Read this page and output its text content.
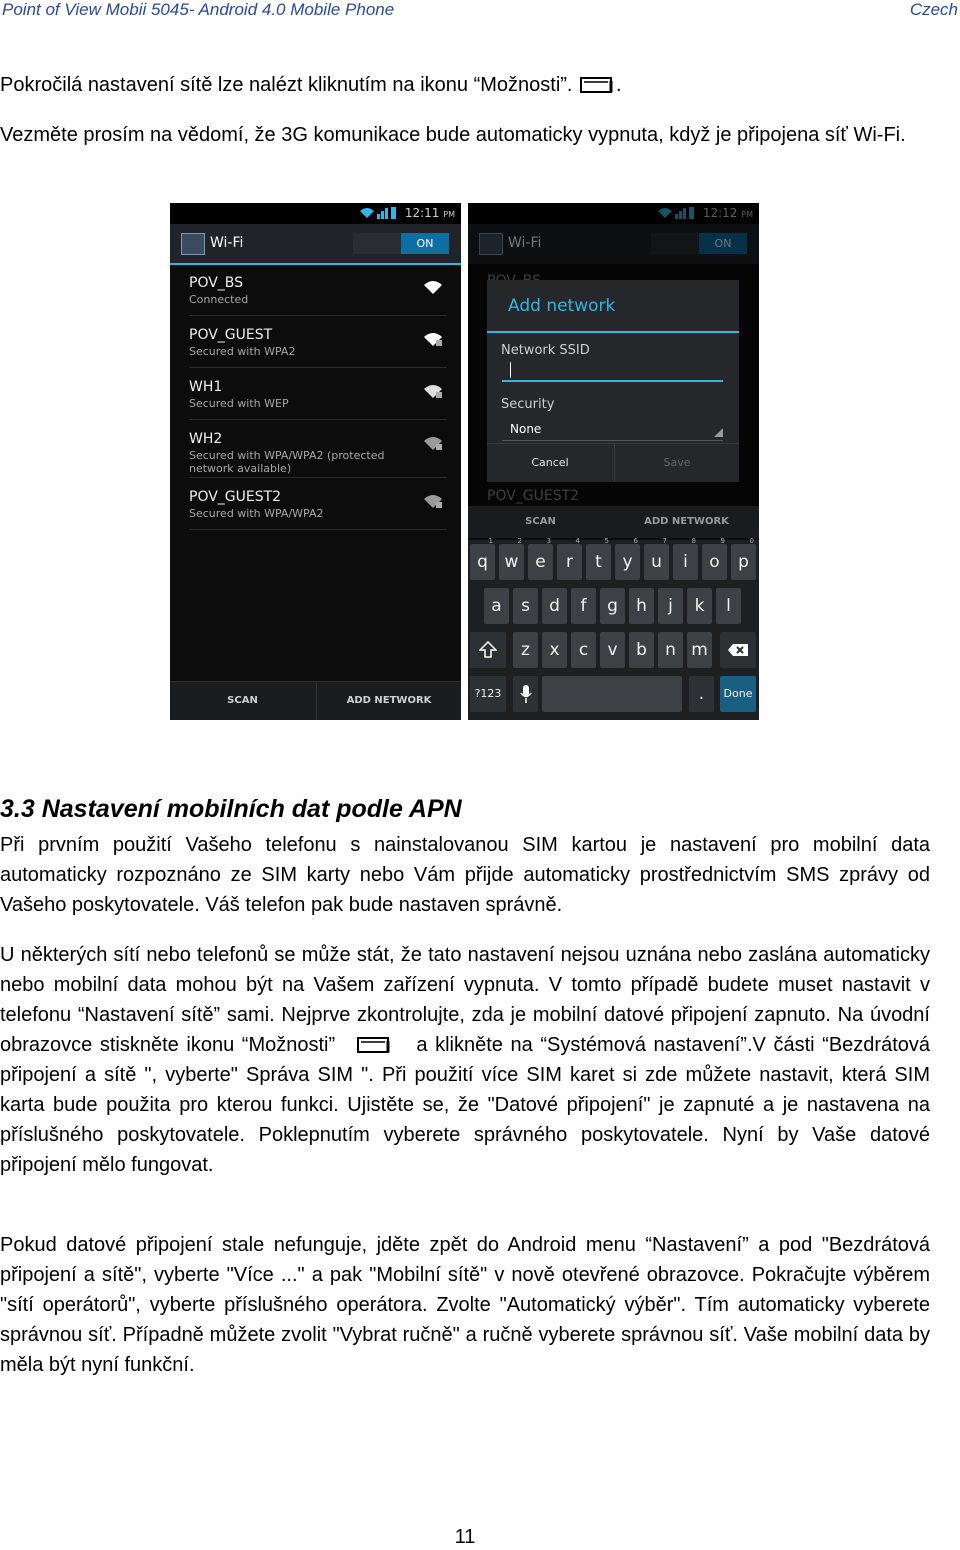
Point of View Mobii 5045- Android 4.0 Mobile Phone	Czech
Pokročilá nastavení sítě lze nalézt kliknutím na ikonu “Možnosti”. .
Vezměte prosím na vědomí, že 3G komunikace bude automaticky vypnuta, když je připojena síť Wi-Fi.
12:11 PM
Wi-Fi	ON
POV_BS
Connected
POV_GUEST
Secured with WPA2
WH1
Secured with WEP
WH2
Secured with WPA/WPA2 (protected network available)
POV_GUEST2
Secured with WPA/WPA2
SCAN	ADD NETWORK
Add network
Network SSID
Security
None
Cancel	Save
SCAN	ADD NETWORK
q
1
w
2
e
3
r
4
t
5
y
6
u
7
i
8
o
9
p
0
a	s	d	f	g	h	j	k	l
z	x	c	v	b	n m
?123	.	Done
3.3 Nastavení mobilních dat podle APN
Při prvním použití Vašeho telefonu s nainstalovanou SIM kartou je nastavení pro mobilní data automaticky rozpoznáno ze SIM karty nebo Vám přijde automaticky prostřednictvím SMS zprávy od Vašeho poskytovatele. Váš telefon pak bude nastaven správně.
U některých sítí nebo telefonů se může stát, že tato nastavení nejsou uznána nebo zaslána automaticky nebo mobilní data mohou být na Vašem zařízení vypnuta. V tomto případě budete muset nastavit v telefonu “Nastavení sítě” sami. Nejprve zkontrolujte, zda je mobilní datové připojení zapnuto. Na úvodní obrazovce stiskněte ikonu “Možnosti”	a klikněte na “Systémová nastavení”.V části “Bezdrátová připojení a sítě ", vyberte" Správa SIM ". Při použití více SIM karet si zde můžete nastavit, která SIM karta bude použita pro kterou funkci. Ujistěte se, že "Datové připojení" je zapnuté a je nastavena na příslušného poskytovatele. Poklepnutím vyberete správného poskytovatele. Nyní by Vaše datové připojení mělo fungovat.
Pokud datové připojení stale nefunguje, jděte zpět do Android menu “Nastavení” a pod "Bezdrátová připojení a sítě", vyberte "Více ..." a pak "Mobilní sítě" v nově otevřené obrazovce. Pokračujte výběrem "sítí operátorů", vyberte příslušného operátora. Zvolte "Automatický výběr". Tím automaticky vyberete správnou síť. Případně můžete zvolit "Vybrat ručně" a ručně vyberete správnou síť. Vaše mobilní data by měla být nyní funkční.
11
